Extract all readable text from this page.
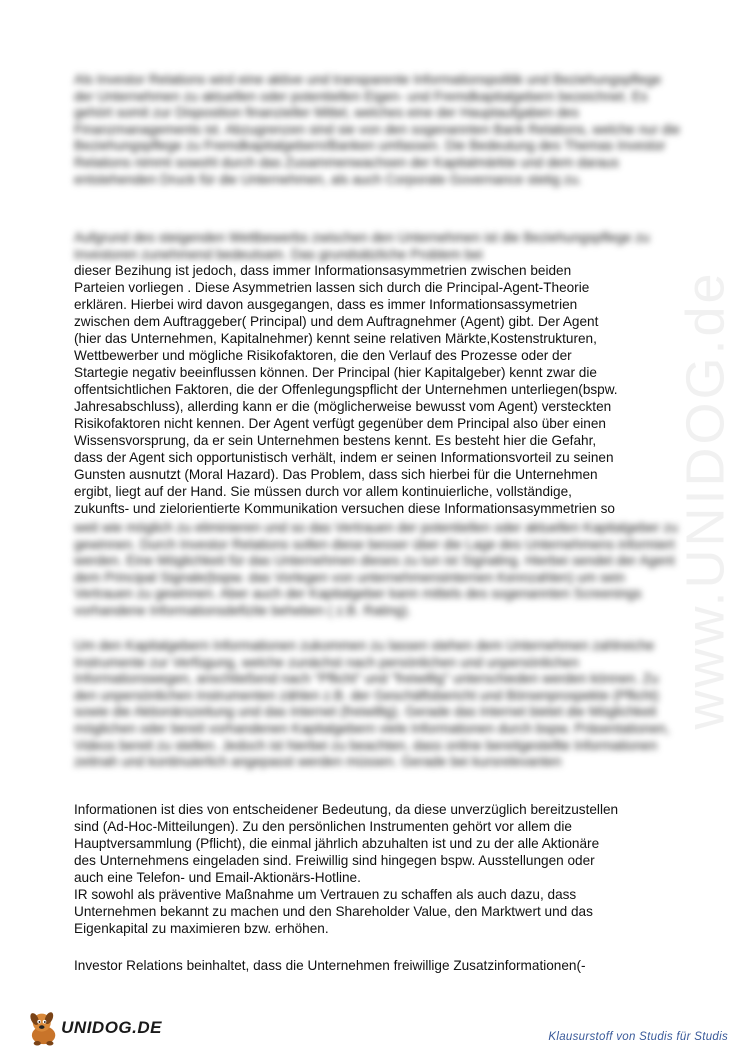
www.UNIDOG.de

Als Investor Relations wird eine aktive und transparente Informationspolitik und Beziehungspflege der Unternehmen zu aktuellen oder potentiellen Eigen- und Fremdkapitalgebern bezeichnet. Es gehört somit zur Disposition finanzieller Mittel, welches eine der Hauptaufgaben des Finanzmanagements ist. Abzugrenzen sind sie von den sogenannten Bank Relations, welche nur die Beziehungspflege zu Fremdkapitalgebern/Banken umfassen. Die Bedeutung des Themas Investor Relations nimmt sowohl durch das Zusammenwachsen der Kapitalmärkte und dem daraus entstehenden Druck für die Unternehmen, als auch Corporate Governance stetig zu.

Aufgrund des steigenden Wettbewerbs zwischen den Unternehmen ist die Beziehungspflege zu Investoren zunehmend bedeutsam. Das grundsätzliche Problem bei

dieser Bezihung ist jedoch, dass immer Informationsasymmetrien zwischen beiden
Parteien vorliegen . Diese Asymmetrien lassen sich durch die Principal-Agent-Theorie
erklären. Hierbei wird davon ausgegangen, dass es immer Informationsassymetrien
zwischen dem Auftraggeber( Principal) und dem Auftragnehmer (Agent) gibt. Der Agent
(hier das Unternehmen, Kapitalnehmer) kennt seine relativen Märkte,Kostenstrukturen,
Wettbewerber und mögliche Risikofaktoren, die den Verlauf des Prozesse oder der
Startegie negativ beeinflussen können. Der Principal (hier Kapitalgeber) kennt zwar die
offentsichtlichen Faktoren, die der Offenlegungspflicht der Unternehmen unterliegen(bspw.
Jahresabschluss), allerding kann er die (möglicherweise bewusst vom Agent) versteckten
Risikofaktoren nicht kennen. Der Agent verfügt gegenüber dem Principal also über einen
Wissensvorsprung, da er sein Unternehmen bestens kennt. Es besteht hier die Gefahr,
dass der Agent sich opportunistisch verhält, indem er seinen Informationsvorteil zu seinen
Gunsten ausnutzt (Moral Hazard). Das Problem, dass sich hierbei für die Unternehmen
ergibt, liegt auf der Hand. Sie müssen durch vor allem kontinuierliche, vollständige,
zukunfts- und zielorientierte Kommunikation versuchen diese Informationsasymmetrien so

weit wie möglich zu eliminieren und so das Vertrauen der potentiellen oder aktuellen Kapitalgeber zu gewinnen. Durch Investor Relations sollen diese besser über die Lage des Unternehmens informiert werden. Eine Möglichkeit für das Unternehmen dieses zu tun ist Signaling. Hierbei sendet der Agent dem Principal Signale(bspw. das Vorlegen von unternehmensinternen Kennzahlen) um sein Vertrauen zu gewinnen. Aber auch der Kapitalgeber kann mittels des sogenannten Screenings vorhandene Informationsdefizite beheben ( z.B. Rating).

Um den Kapitalgebern Informationen zukommen zu lassen stehen dem Unternehmen zahlreiche Instrumente zur Verfügung, welche zunächst nach persönlichen und unpersönlichen Informationswegen, anschließend nach "Pflicht" und "freiwillig" unterschieden werden können. Zu den unpersönlichen Instrumenten zählen z.B. der Geschäftsbericht und Börsenprospekte (Pflicht) sowie die Aktionärszeitung und das Internet (freiwillig). Gerade das Internet bietet die Möglichkeit möglichen oder bereit vorhandenen Kapitalgebern viele Informationen durch bspw. Präsentationen, Videos bereit zu stellen. Jedoch ist hierbei zu beachten, dass online bereitgestellte Informationen zeitnah und kontinuierlich angepasst werden müssen. Gerade bei kursrelevanten

Informationen ist dies von entscheidener Bedeutung, da diese unverzüglich bereitzustellen
sind (Ad-Hoc-Mitteilungen). Zu den persönlichen Instrumenten gehört vor allem die
Hauptversammlung (Pflicht), die einmal jährlich abzuhalten ist und zu der alle Aktionäre
des Unternehmens eingeladen sind. Freiwillig sind hingegen bspw. Ausstellungen oder
auch eine Telefon- und Email-Aktionärs-Hotline.
IR sowohl als präventive Maßnahme um Vertrauen zu schaffen als auch dazu, dass
Unternehmen bekannt zu machen und den Shareholder Value, den Marktwert und das
Eigenkapital zu maximieren bzw. erhöhen.
Investor Relations beinhaltet, dass die Unternehmen freiwillige Zusatzinformationen(-
UNIDOG.DE	Klausurstoff von Studis für Studis
